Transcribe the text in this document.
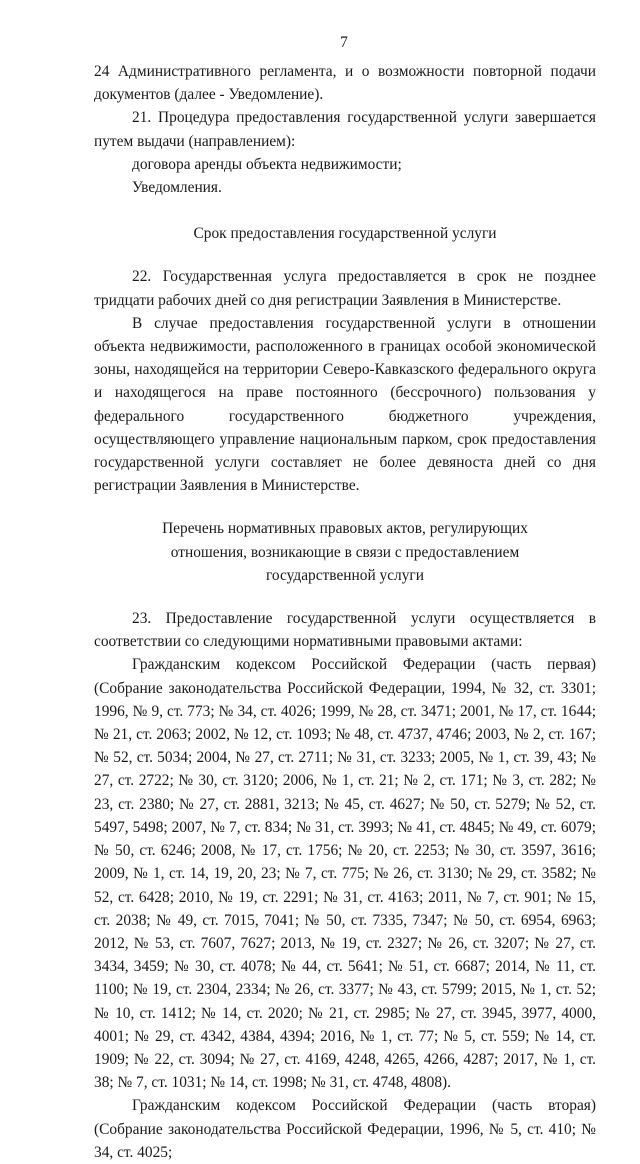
7

24 Административного регламента, и о возможности повторной подачи документов (далее - Уведомление).

21. Процедура предоставления государственной услуги завершается путем выдачи (направлением):

договора аренды объекта недвижимости;
Уведомления.

Срок предоставления государственной услуги

22. Государственная услуга предоставляется в срок не позднее тридцати рабочих дней со дня регистрации Заявления в Министерстве.

В случае предоставления государственной услуги в отношении объекта недвижимости, расположенного в границах особой экономической зоны, находящейся на территории Северо-Кавказского федерального округа и находящегося на праве постоянного (бессрочного) пользования у федерального государственного бюджетного учреждения, осуществляющего управление национальным парком, срок предоставления государственной услуги составляет не более девяноста дней со дня регистрации Заявления в Министерстве.

Перечень нормативных правовых актов, регулирующих

отношения, возникающие в связи с предоставлением

государственной услуги

23. Предоставление государственной услуги осуществляется в соответствии со следующими нормативными правовыми актами:

Гражданским кодексом Российской Федерации (часть первая) (Собрание законодательства Российской Федерации, 1994, № 32, ст. 3301; 1996, № 9, ст. 773; № 34, ст. 4026; 1999, № 28, ст. 3471; 2001, № 17, ст. 1644; № 21, ст. 2063; 2002, № 12, ст. 1093; № 48, ст. 4737, 4746; 2003, № 2, ст. 167; № 52, ст. 5034; 2004, № 27, ст. 2711; № 31, ст. 3233; 2005, № 1, ст. 39, 43; № 27, ст. 2722; № 30, ст. 3120; 2006, № 1, ст. 21; № 2, ст. 171; № 3, ст. 282; № 23, ст. 2380; № 27, ст. 2881, 3213; № 45, ст. 4627; № 50, ст. 5279; № 52, ст. 5497, 5498; 2007, № 7, ст. 834; № 31, ст. 3993; № 41, ст. 4845; № 49, ст. 6079; № 50, ст. 6246; 2008, № 17, ст. 1756; № 20, ст. 2253; № 30, ст. 3597, 3616; 2009, № 1, ст. 14, 19, 20, 23; № 7, ст. 775; № 26, ст. 3130; № 29, ст. 3582; № 52, ст. 6428; 2010, № 19, ст. 2291; № 31, ст. 4163; 2011, № 7, ст. 901; № 15, ст. 2038; № 49, ст. 7015, 7041; № 50, ст. 7335, 7347; № 50, ст. 6954, 6963; 2012, № 53, ст. 7607, 7627; 2013, № 19, ст. 2327; № 26, ст. 3207; № 27, ст. 3434, 3459; № 30, ст. 4078; № 44, ст. 5641; № 51, ст. 6687; 2014, № 11, ст. 1100; № 19, ст. 2304, 2334; № 26, ст. 3377; № 43, ст. 5799; 2015, № 1, ст. 52; № 10, ст. 1412; № 14, ст. 2020; № 21, ст. 2985; № 27, ст. 3945, 3977, 4000, 4001; № 29, ст. 4342, 4384, 4394; 2016, № 1, ст. 77; № 5, ст. 559; № 14, ст. 1909; № 22, ст. 3094; № 27, ст. 4169, 4248, 4265, 4266, 4287; 2017, № 1, ст. 38; № 7, ст. 1031; № 14, ст. 1998; № 31, ст. 4748, 4808).

Гражданским кодексом Российской Федерации (часть вторая) (Собрание законодательства Российской Федерации, 1996, № 5, ст. 410; № 34, ст. 4025;
